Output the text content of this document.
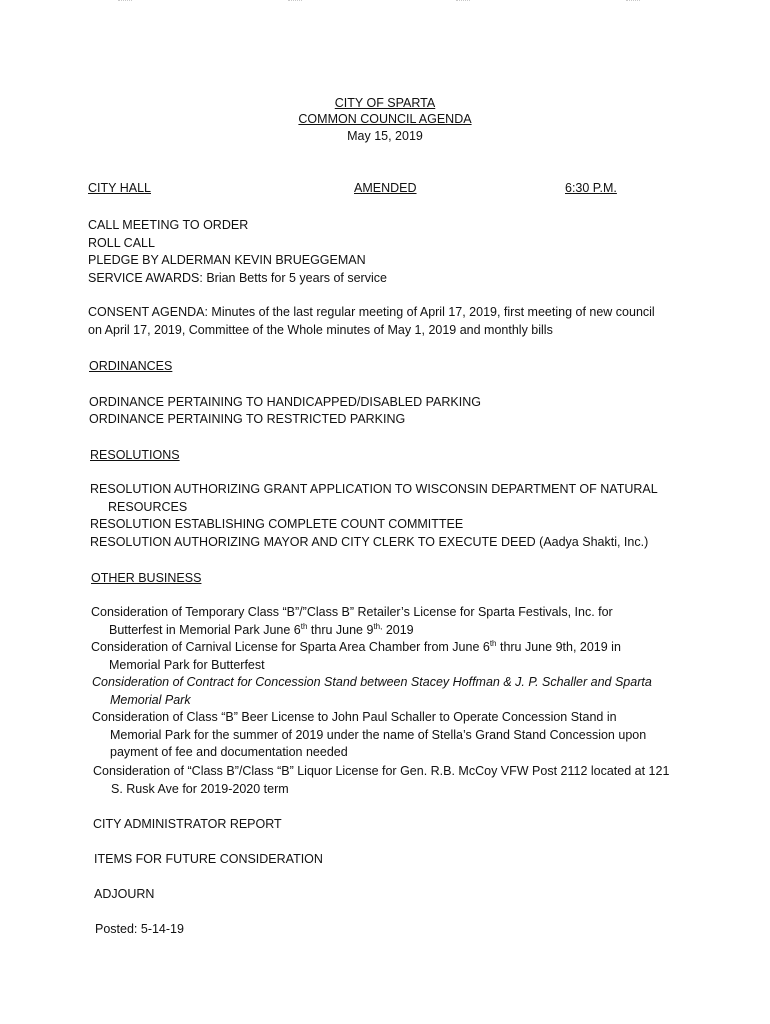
CITY OF SPARTA
COMMON COUNCIL AGENDA
May 15, 2019
CITY HALL	AMENDED	6:30 P.M.
CALL MEETING TO ORDER
ROLL CALL
PLEDGE BY ALDERMAN KEVIN BRUEGGEMAN
SERVICE AWARDS: Brian Betts for 5 years of service
CONSENT AGENDA: Minutes of the last regular meeting of April 17, 2019, first meeting of new council
on April 17, 2019, Committee of the Whole minutes of May 1, 2019 and monthly bills
ORDINANCES
ORDINANCE PERTAINING TO HANDICAPPED/DISABLED PARKING
ORDINANCE PERTAINING TO RESTRICTED PARKING
RESOLUTIONS
RESOLUTION AUTHORIZING GRANT APPLICATION TO WISCONSIN DEPARTMENT OF NATURAL
RESOURCES
RESOLUTION ESTABLISHING COMPLETE COUNT COMMITTEE
RESOLUTION AUTHORIZING MAYOR AND CITY CLERK TO EXECUTE DEED (Aadya Shakti, Inc.)
OTHER BUSINESS
Consideration of Temporary Class “B”/”Class B” Retailer’s License for Sparta Festivals, Inc. for
Butterfest in Memorial Park June 6th thru June $9^{th,}$ 2019
Consideration of Carnival License for Sparta Area Chamber from June 6th thru June 9th, 2019 in
Memorial Park for Butterfest
Consideration of Contract for Concession Stand between Stacey Hoffman & J. P. Schaller and Sparta
Memorial Park
Consideration of Class “B” Beer License to John Paul Schaller to Operate Concession Stand in
Memorial Park for the summer of 2019 under the name of Stella’s Grand Stand Concession upon
payment of fee and documentation needed
Consideration of “Class B”/Class “B” Liquor License for Gen. R.B. McCoy VFW Post 2112 located at 121
S. Rusk Ave for 2019-2020 term
CITY ADMINISTRATOR REPORT
ITEMS FOR FUTURE CONSIDERATION
ADJOURN
Posted: 5-14-19
